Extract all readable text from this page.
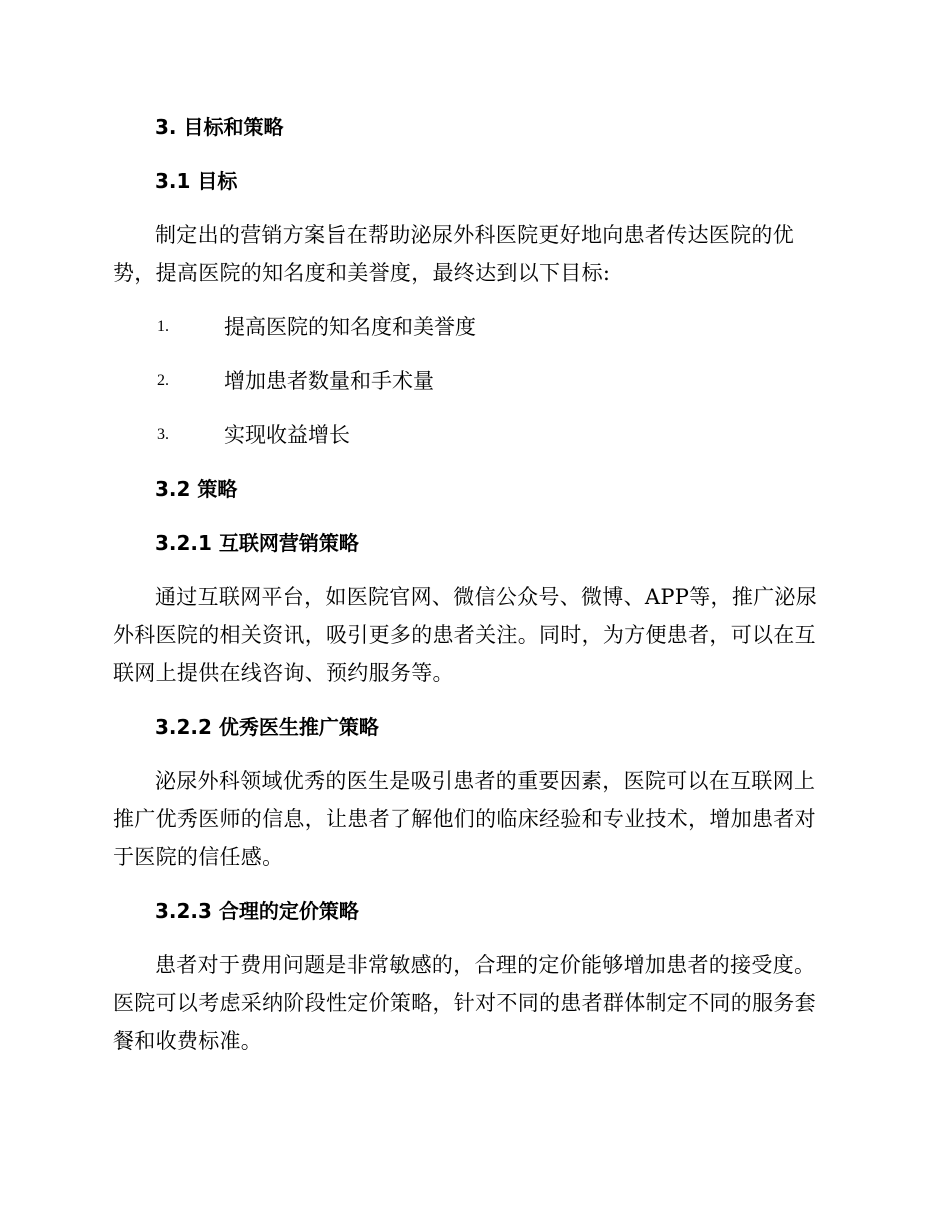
3. 目标和策略
3.1 目标

制定出的营销方案旨在帮助泌尿外科医院更好地向患者传达医院的优势，提高医院的知名度和美誉度，最终达到以下目标:

1.	提高医院的知名度和美誉度
2.	增加患者数量和手术量
3.	实现收益增长
3.2 策略
3.2.1 互联网营销策略

通过互联网平台，如医院官网、微信公众号、微博、APP等，推广泌尿外科医院的相关资讯，吸引更多的患者关注。同时，为方便患者，可以在互联网上提供在线咨询、预约服务等。

3.2.2 优秀医生推广策略

泌尿外科领域优秀的医生是吸引患者的重要因素，医院可以在互联网上推广优秀医师的信息，让患者了解他们的临床经验和专业技术，增加患者对于医院的信任感。

3.2.3 合理的定价策略

患者对于费用问题是非常敏感的，合理的定价能够增加患者的接受度。医院可以考虑采纳阶段性定价策略，针对不同的患者群体制定不同的服务套餐和收费标准。
